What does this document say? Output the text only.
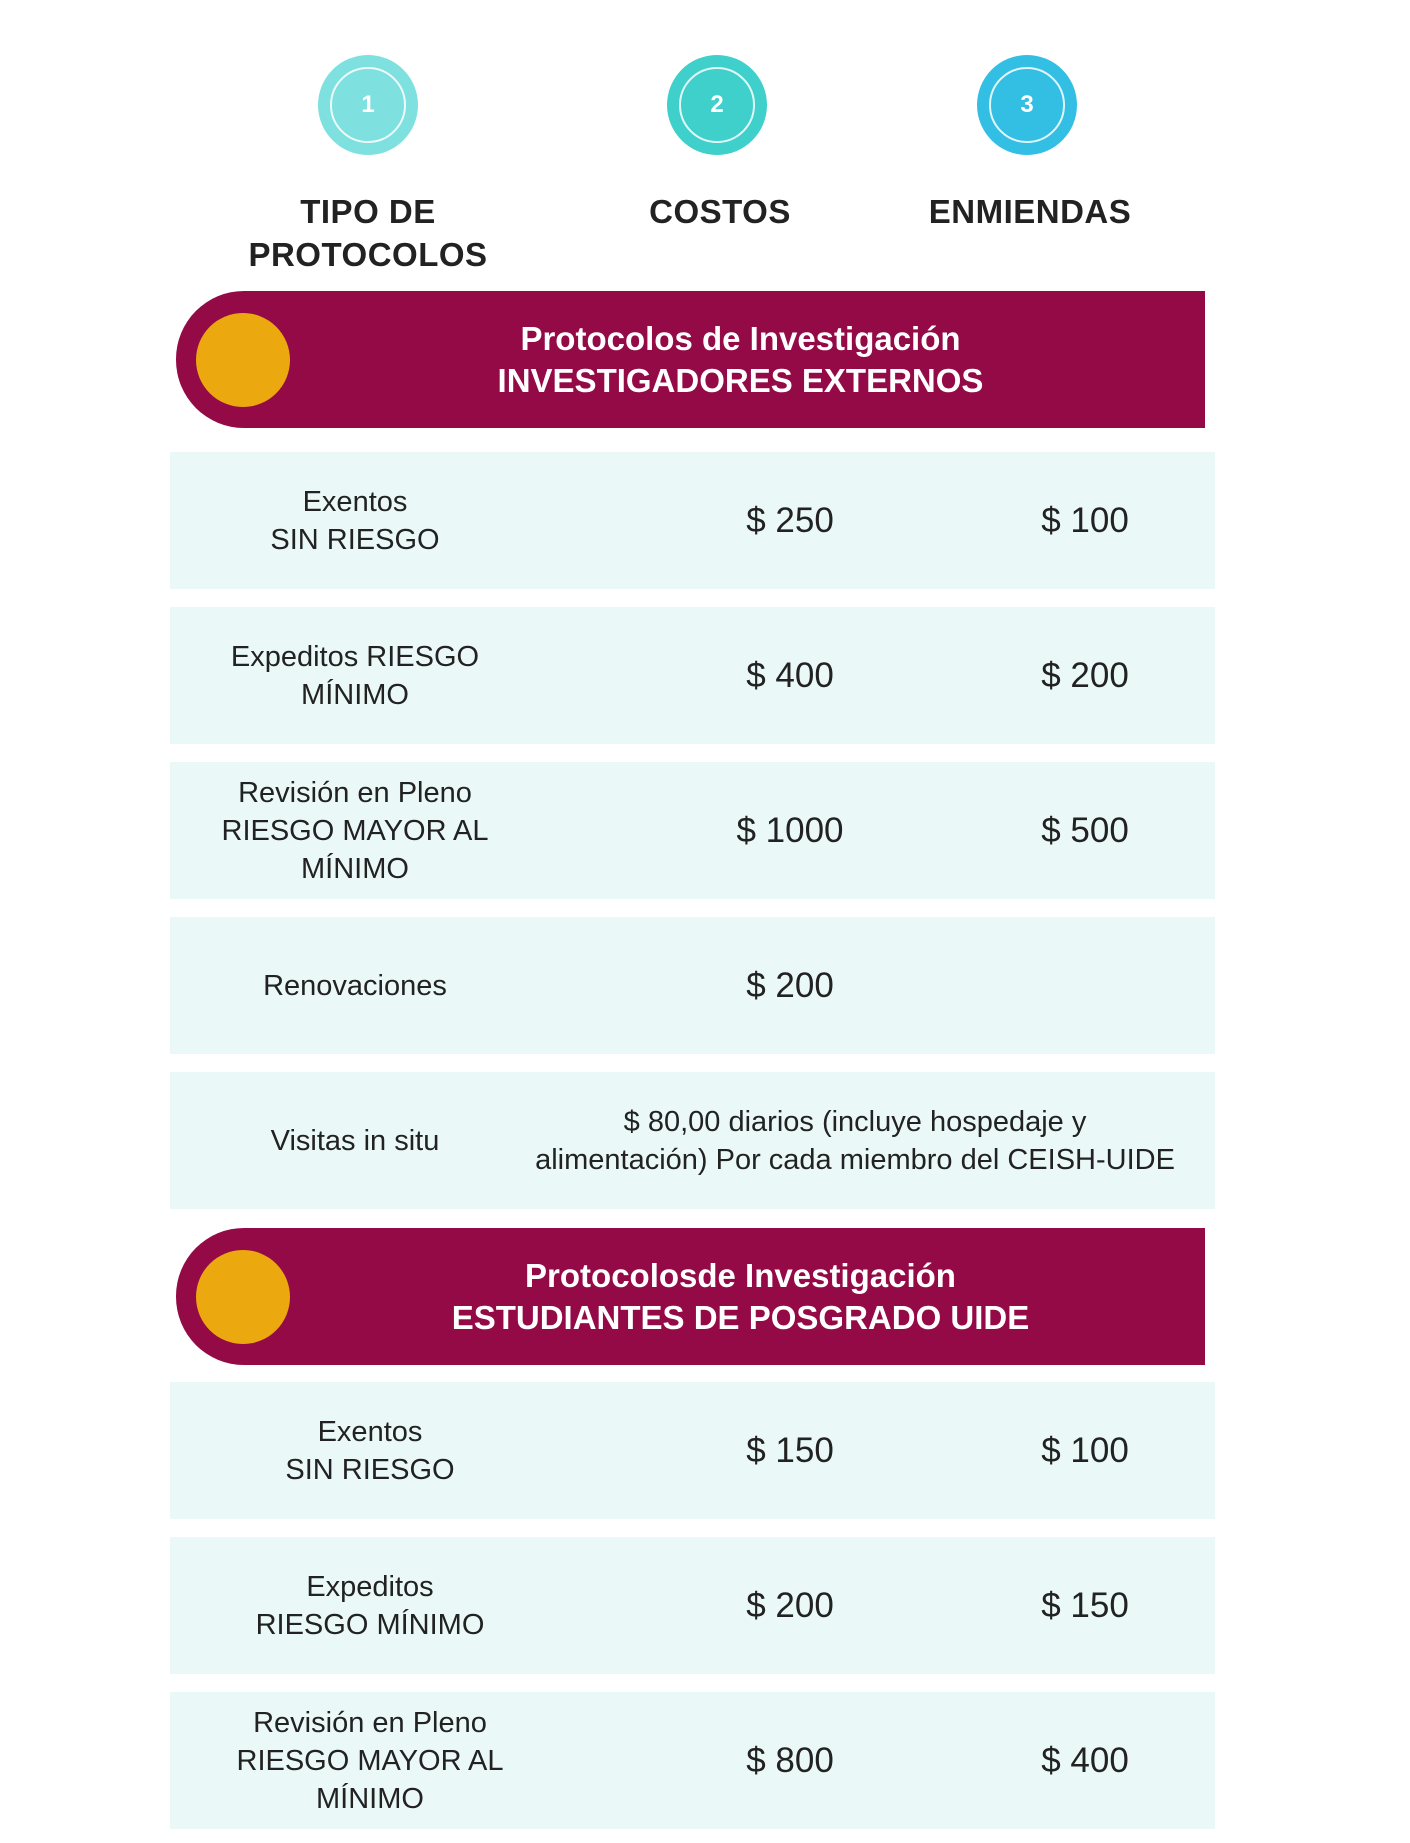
1	2	3
TIPO DE
PROTOCOLOS
COSTOS	ENMIENDAS
Protocolos de Investigación
INVESTIGADORES EXTERNOS
Exentos
SIN RIESGO	$ 250	$ 100
Expeditos RIESGO
MÍNIMO	$ 400	$ 200
Revisión en Pleno
RIESGO MAYOR AL
MÍNIMO
$ 1000	$ 500
Renovaciones	$ 200
Visitas in situ
$ 80,00 diarios (incluye hospedaje y
alimentación) Por cada miembro del CEISH-UIDE
Protocolosde Investigación
ESTUDIANTES DE POSGRADO UIDE
Exentos
SIN RIESGO	$ 150	$ 100
Expeditos
RIESGO MÍNIMO	$ 200	$ 150
Revisión en Pleno
RIESGO MAYOR AL
MÍNIMO
$ 800	$ 400
